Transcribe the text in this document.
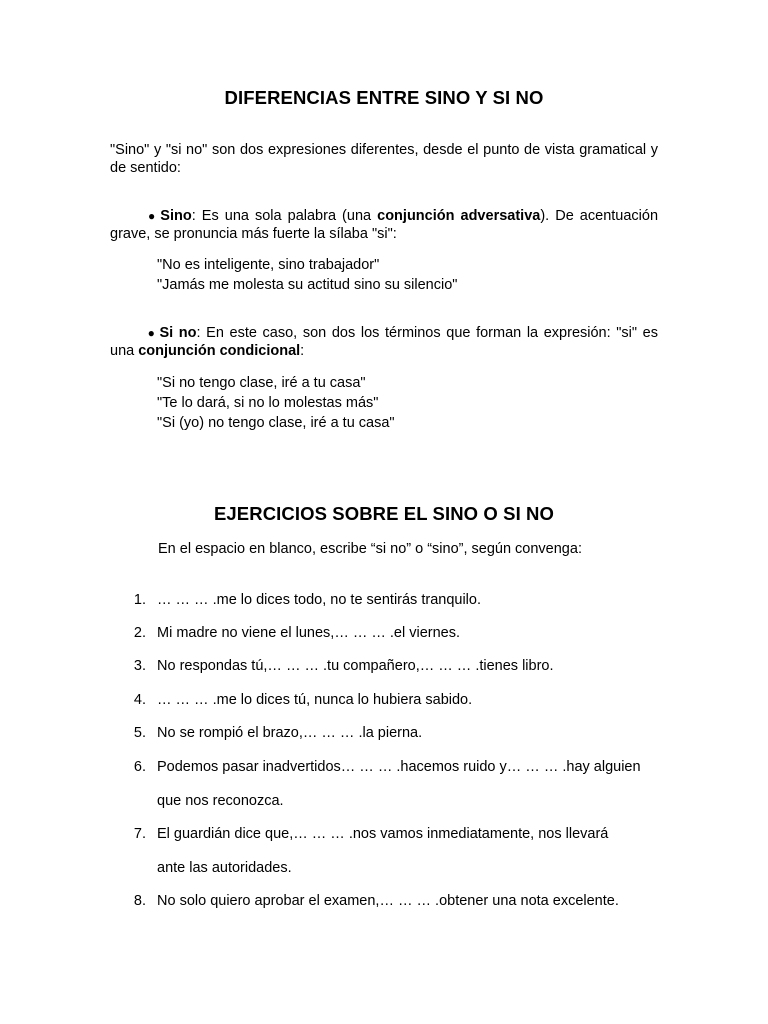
DIFERENCIAS ENTRE SINO Y SI NO
"Sino" y "si no" son dos expresiones diferentes, desde el punto de vista gramatical y de sentido:
● Sino: Es una sola palabra (una conjunción adversativa). De acentuación grave, se pronuncia más fuerte la sílaba "si":
"No es inteligente, sino trabajador"
"Jamás me molesta su actitud sino su silencio"
● Si no: En este caso, son dos los términos que forman la expresión: "si" es una conjunción condicional:
"Si no tengo clase, iré a tu casa"
"Te lo dará, si no lo molestas más"
"Si (yo) no tengo clase, iré a tu casa"
EJERCICIOS SOBRE EL SINO O SI NO
En el espacio en blanco, escribe “si no” o “sino”, según convenga:
1. … … … .me lo dices todo, no te sentirás tranquilo.
2. Mi madre no viene el lunes,… … … .el viernes.
3. No respondas tú,… … … .tu compañero,… … … .tienes libro.
4. … … … .me lo dices tú, nunca lo hubiera sabido.
5. No se rompió el brazo,… … … .la pierna.
6. Podemos pasar inadvertidos… … … .hacemos ruido y… … … .hay alguien
que nos reconozca.
7. El guardián dice que,… … … .nos vamos inmediatamente, nos llevará
ante las autoridades.
8. No solo quiero aprobar el examen,… … … .obtener una nota excelente.
